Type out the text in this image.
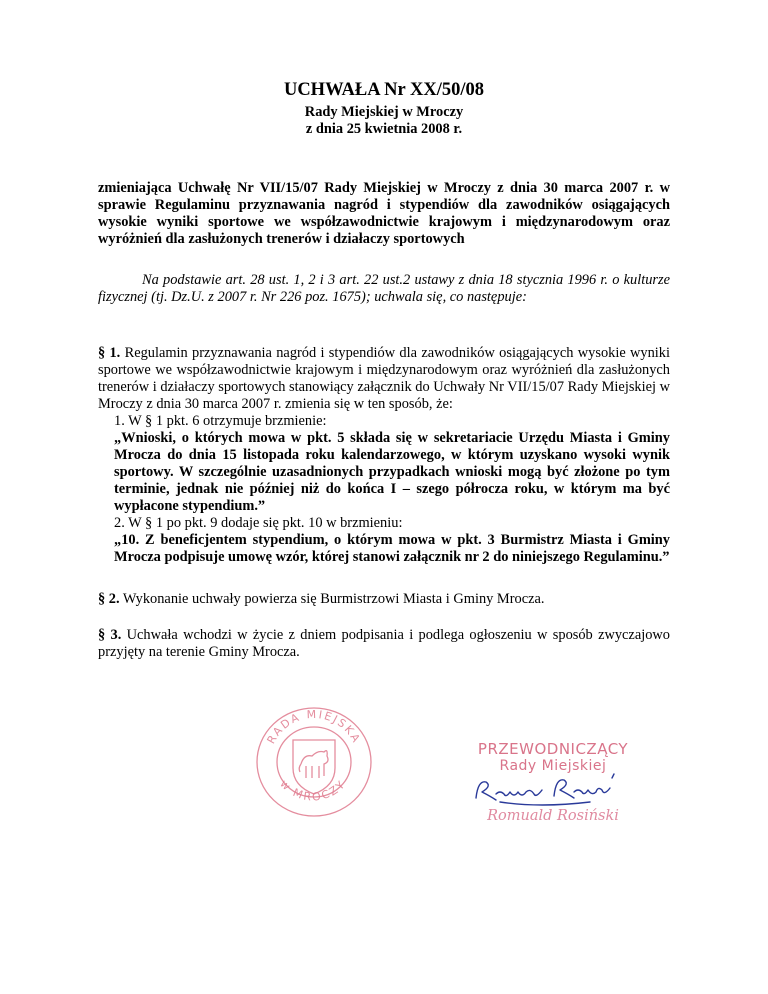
UCHWAŁA Nr XX/50/08
Rady Miejskiej w Mroczy
z dnia 25 kwietnia 2008 r.
zmieniająca Uchwałę Nr VII/15/07 Rady Miejskiej w Mroczy z dnia 30 marca 2007 r. w sprawie Regulaminu przyznawania nagród i stypendiów dla zawodników osiągających wysokie wyniki sportowe we współzawodnictwie krajowym i międzynarodowym oraz wyróżnień dla zasłużonych trenerów i działaczy sportowych
Na podstawie art. 28 ust. 1, 2 i 3 art. 22 ust.2 ustawy z dnia 18 stycznia 1996 r. o kulturze fizycznej (tj. Dz.U. z 2007 r. Nr 226 poz. 1675); uchwala się, co następuje:
§ 1. Regulamin przyznawania nagród i stypendiów dla zawodników osiągających wysokie wyniki sportowe we współzawodnictwie krajowym i międzynarodowym oraz wyróżnień dla zasłużonych trenerów i działaczy sportowych stanowiący załącznik do Uchwały Nr VII/15/07 Rady Miejskiej w Mroczy z dnia 30 marca 2007 r. zmienia się w ten sposób, że:
1. W § 1 pkt. 6 otrzymuje brzmienie:
„Wnioski, o których mowa w pkt. 5 składa się w sekretariacie Urzędu Miasta i Gminy Mrocza do dnia 15 listopada roku kalendarzowego, w którym uzyskano wysoki wynik sportowy. W szczególnie uzasadnionych przypadkach wnioski mogą być złożone po tym terminie, jednak nie później niż do końca I – szego półrocza roku, w którym ma być wypłacone stypendium.”
2. W § 1 po pkt. 9 dodaje się pkt. 10 w brzmieniu:
„10. Z beneficjentem stypendium, o którym mowa w pkt. 3 Burmistrz Miasta i Gminy Mrocza podpisuje umowę wzór, której stanowi załącznik nr 2 do niniejszego Regulaminu.”
§ 2. Wykonanie uchwały powierza się Burmistrzowi Miasta i Gminy Mrocza.
§ 3. Uchwała wchodzi w życie z dniem podpisania i podlega ogłoszeniu w sposób zwyczajowo przyjęty na terenie Gminy Mrocza.
RADA MIEJSKA
w MROCZY
PRZEWODNICZĄCY
Rady Miejskiej
Romuald Rosiński
